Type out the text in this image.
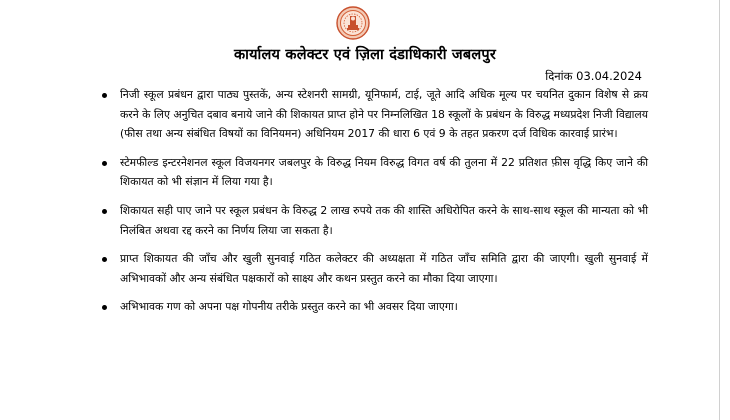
कार्यालय कलेक्टर एवं ज़िला दंडाधिकारी जबलपुर
दिनांक 03.04.2024
निजी स्कूल प्रबंधन द्वारा पाठ्य पुस्तकें, अन्य स्टेशनरी सामग्री, यूनिफार्म, टाई, जूते आदि अधिक मूल्य पर चयनित दुकान विशेष से क्रय करने के लिए अनुचित दबाव बनाये जाने की शिकायत प्राप्त होने पर निम्नलिखित 18 स्कूलों के प्रबंधन के विरुद्ध मध्यप्रदेश निजी विद्यालय (फीस तथा अन्य संबंधित विषयों का विनियमन) अधिनियम 2017 की धारा 6 एवं 9 के तहत प्रकरण दर्ज विधिक कारवाई प्रारंभ।
स्टेमफील्ड इन्टरनेशनल स्कूल विजयनगर जबलपुर के विरुद्ध नियम विरुद्ध विगत वर्ष की तुलना में 22 प्रतिशत फ़ीस वृद्धि किए जाने की शिकायत को भी संज्ञान में लिया गया है।
शिकायत सही पाए जाने पर स्कूल प्रबंधन के विरुद्ध 2 लाख रुपये तक की शास्ति अधिरोपित करने के साथ-साथ स्कूल की मान्यता को भी निलंबित अथवा रद्द करने का निर्णय लिया जा सकता है।
प्राप्त शिकायत की जाँच और खुली सुनवाई गठित कलेक्टर की अध्यक्षता में गठित जाँच समिति द्वारा की जाएगी। खुली सुनवाई में अभिभावकों और अन्य संबंधित पक्षकारों को साक्ष्य और कथन प्रस्तुत करने का मौका दिया जाएगा।
अभिभावक गण को अपना पक्ष गोपनीय तरीके प्रस्तुत करने का भी अवसर दिया जाएगा।
